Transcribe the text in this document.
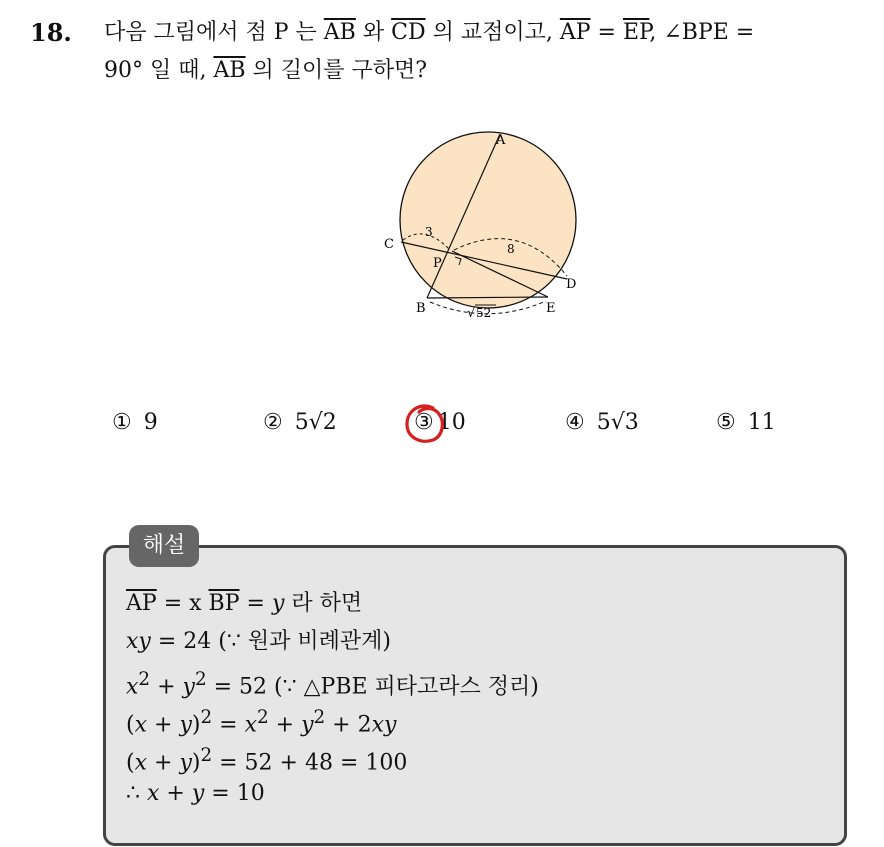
18. 다음 그림에서 점 P 는 $\overline{AB}$ 와 $\overline{CD}$ 의 교점이고, $\overline{AP} = \overline{EP}$, ∠BPE =
90° 일 때, $\overline{AB}$ 의 길이를 구하면?
A
B
C
D
E
P
3
8
√ 52
① 9	② 5√2	③ 10	④ 5√3	⑤ 11
해설
$\overline{AP} = x$ $\overline{BP} = y$ 라 하면
xy = 24 (∵ 원과 비례관계)
$x^2 + y^2 = 52$ (∵ △PBE 피타고라스 정리)
$(x + y)^2 = x^2 + y^2 + 2xy$
$(x + y)^2 = 52 + 48 = 100$
∴ x + y = 10
